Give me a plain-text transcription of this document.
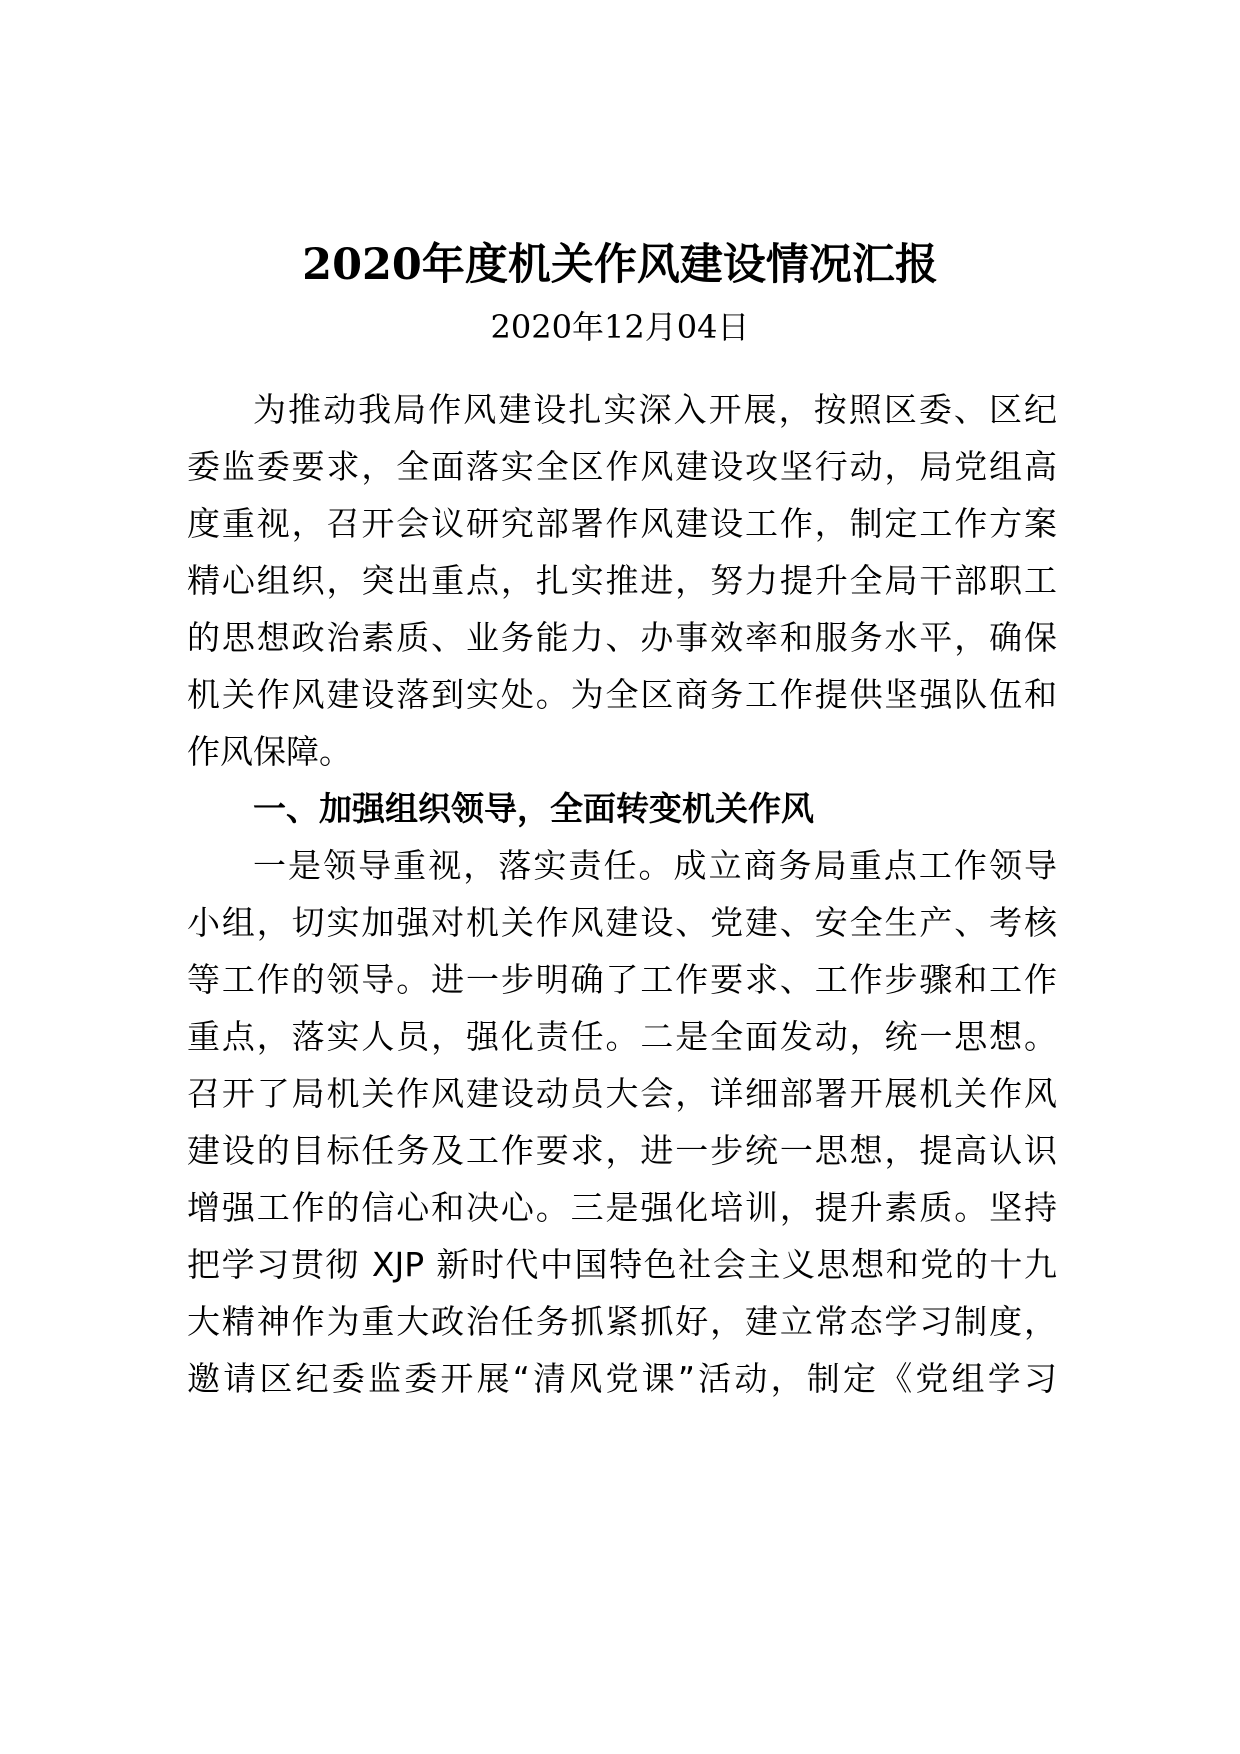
2020年度机关作风建设情况汇报
2020年12月04日
为推动我局作风建设扎实深入开展，按照区委、区纪
委监委要求，全面落实全区作风建设攻坚行动，局党组高
度重视，召开会议研究部署作风建设工作，制定工作方案
精心组织，突出重点，扎实推进，努力提升全局干部职工
的思想政治素质、业务能力、办事效率和服务水平，确保
机关作风建设落到实处。为全区商务工作提供坚强队伍和
作风保障。
一、加强组织领导，全面转变机关作风
一是领导重视，落实责任。成立商务局重点工作领导
小组，切实加强对机关作风建设、党建、安全生产、考核
等工作的领导。进一步明确了工作要求、工作步骤和工作
重点，落实人员，强化责任。二是全面发动，统一思想。
召开了局机关作风建设动员大会，详细部署开展机关作风
建设的目标任务及工作要求，进一步统一思想，提高认识
增强工作的信心和决心。三是强化培训，提升素质。坚持
把学习贯彻 XJP 新时代中国特色社会主义思想和党的十九
大精神作为重大政治任务抓紧抓好，建立常态学习制度，
邀请区纪委监委开展“清风党课”活动，制定《党组学习
